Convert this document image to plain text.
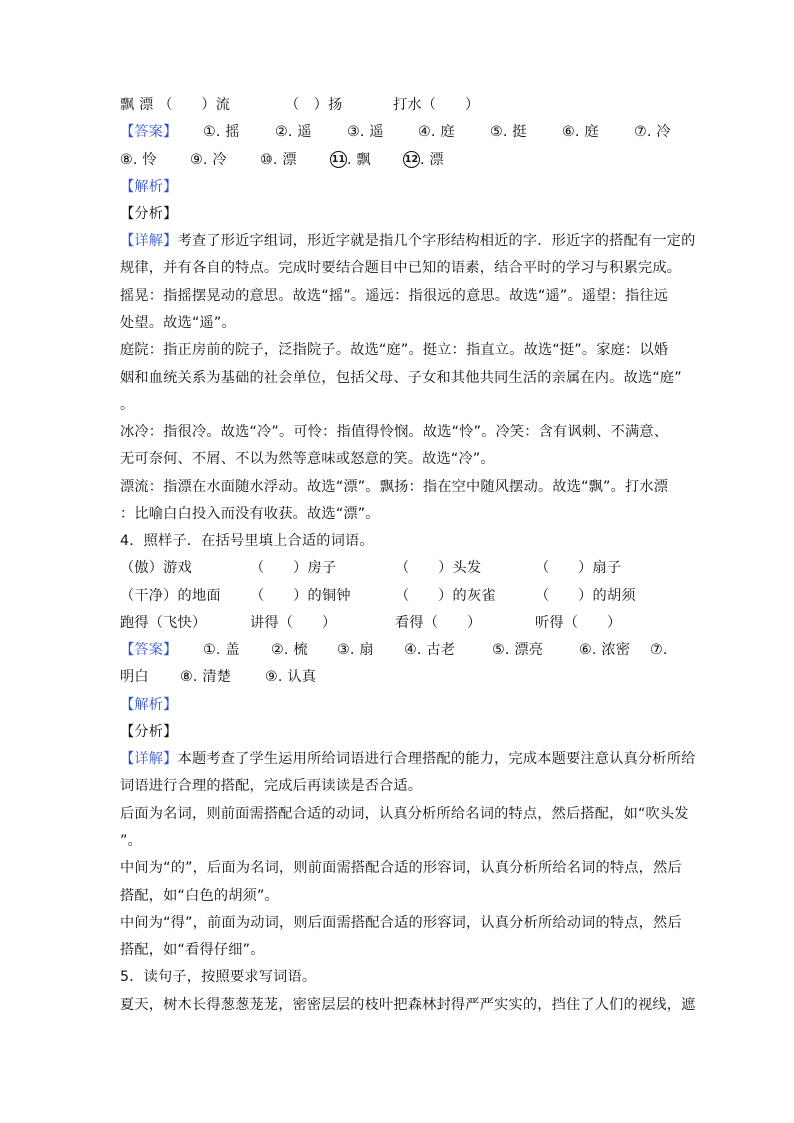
飘 漂 （　　）流

	（　）扬

	打水（　　）

【答案】

①. 摇

②. 遥

③. 遥

④. 庭

⑤. 挺

⑥. 庭

⑦. 冷

⑧. 怜

⑨. 冷

⑩. 漂

	11 . 飘

	12 . 漂

【解析】
【分析】
【详解】考查了形近字组词，形近字就是指几个字形结构相近的字．形近字的搭配有一定的
规律，并有各自的特点。完成时要结合题目中已知的语素，结合平时的学习与积累完成。
摇晃：指摇摆晃动的意思。故选“摇”。遥远：指很远的意思。故选“遥”。遥望：指往远
处望。故选“遥”。
庭院：指正房前的院子，泛指院子。故选“庭”。挺立：指直立。故选“挺”。家庭：以婚
姻和血统关系为基础的社会单位，包括父母、子女和其他共同生活的亲属在内。故选“庭”
。
冰冷：指很冷。故选“冷”。可怜：指值得怜悯。故选“怜”。冷笑：含有讽刺、不满意、
无可奈何、不屑、不以为然等意味或怒意的笑。故选“冷”。
漂流：指漂在水面随水浮动。故选“漂”。飘扬：指在空中随风摆动。故选“飘”。打水漂
：比喻白白投入而没有收获。故选“漂”。
4．照样子．在括号里填上合适的词语。

（傲）游戏

	（　　）房子

	（　　）头发

	（　　）扇子

（干净）的地面

（　　）的铜钟

	（　　）的灰雀

	（　　）的胡须

跑得（飞快）

	讲得（　　）

	看得（　　）

	听得（　　）

【答案】

①. 盖

②. 梳

③. 扇

④. 古老

	⑤. 漂亮

	⑥. 浓密

⑦.

明白

⑧. 清楚

⑨. 认真

【解析】
【分析】
【详解】本题考查了学生运用所给词语进行合理搭配的能力，完成本题要注意认真分析所给
词语进行合理的搭配，完成后再读读是否合适。
后面为名词，则前面需搭配合适的动词，认真分析所给名词的特点，然后搭配，如“吹头发
”。
中间为“的”，后面为名词，则前面需搭配合适的形容词，认真分析所给名词的特点，然后
搭配，如“白色的胡须”。
中间为“得”，前面为动词，则后面需搭配合适的形容词，认真分析所给动词的特点，然后
搭配，如“看得仔细”。
5．读句子，按照要求写词语。
夏天，树木长得葱葱茏茏，密密层层的枝叶把森林封得严严实实的，挡住了人们的视线，遮
